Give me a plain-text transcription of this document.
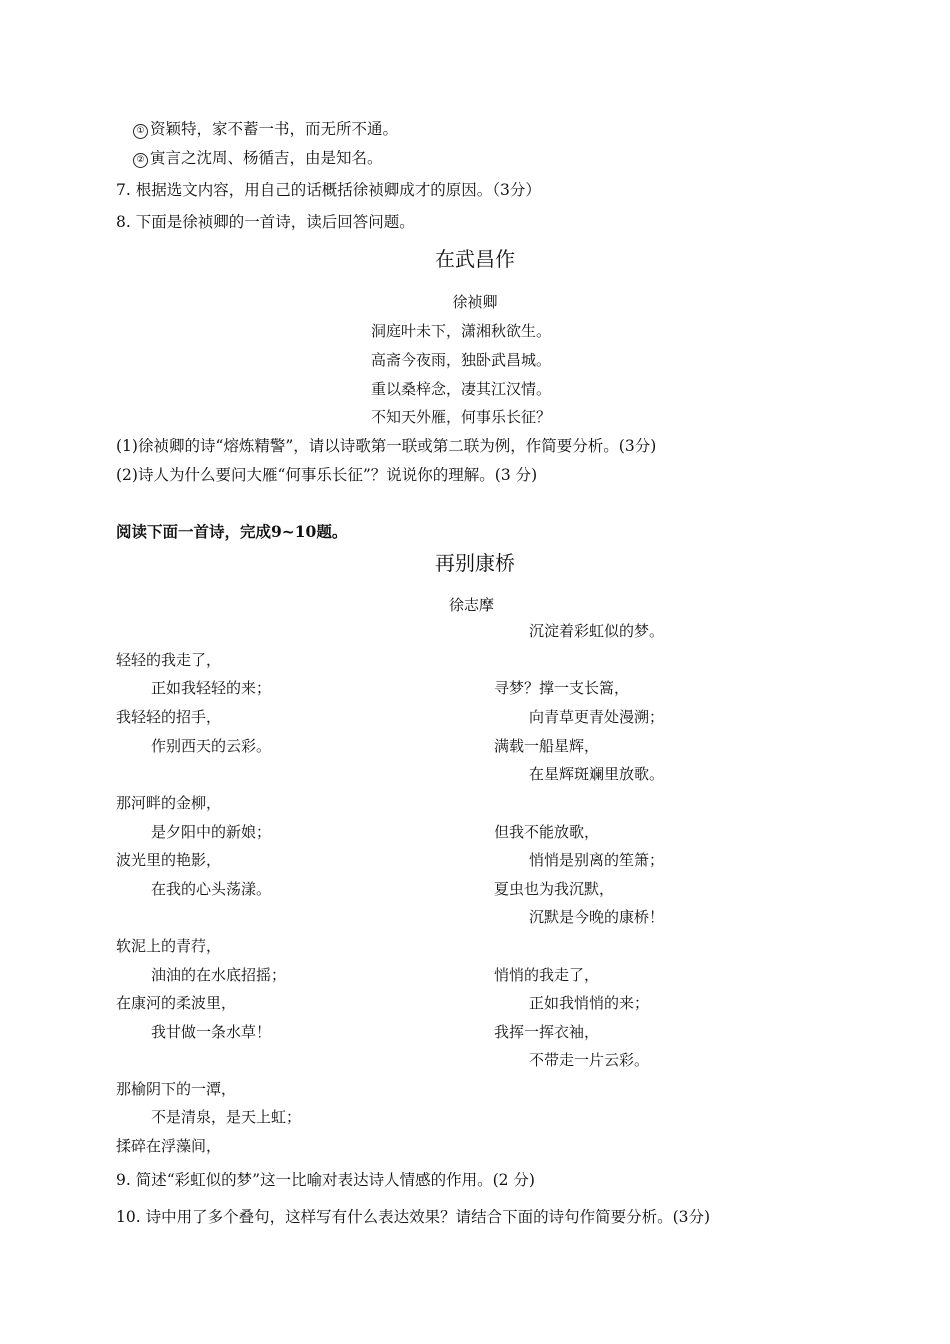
① 资颖特，家不蓄一书，而无所不通。
② 寅言之沈周、杨循吉，由是知名。
7. 根据选文内容，用自己的话概括徐祯卿成才的原因。（3分）
8. 下面是徐祯卿的一首诗，读后回答问题。
在武昌作
徐祯卿
洞庭叶未下，潇湘秋欲生。
高斋今夜雨，独卧武昌城。
重以桑梓念，凄其江汉情。
不知天外雁，何事乐长征？
(1)徐祯卿的诗“熔炼精警”，请以诗歌第一联或第二联为例，作简要分析。(3分)
(2)诗人为什么要问大雁“何事乐长征”？说说你的理解。(3 分)
阅读下面一首诗，完成9~10题。
再别康桥
徐志摩
轻轻的我走了，
正如我轻轻的来；
我轻轻的招手，
作别西天的云彩。
那河畔的金柳，
是夕阳中的新娘；
波光里的艳影，
在我的心头荡漾。
软泥上的青荇，
油油的在水底招摇；
在康河的柔波里，
我甘做一条水草！
那榆阴下的一潭，
不是清泉，是天上虹；
揉碎在浮藻间，
沉淀着彩虹似的梦。
寻梦？撑一支长篙，
向青草更青处漫溯；
满载一船星辉，
在星辉斑斓里放歌。
但我不能放歌，
悄悄是别离的笙箫；
夏虫也为我沉默，
沉默是今晚的康桥！
悄悄的我走了，
正如我悄悄的来；
我挥一挥衣袖，
不带走一片云彩。
9. 简述“彩虹似的梦”这一比喻对表达诗人情感的作用。(2 分)
10. 诗中用了多个叠句，这样写有什么表达效果？请结合下面的诗句作简要分析。(3分)
